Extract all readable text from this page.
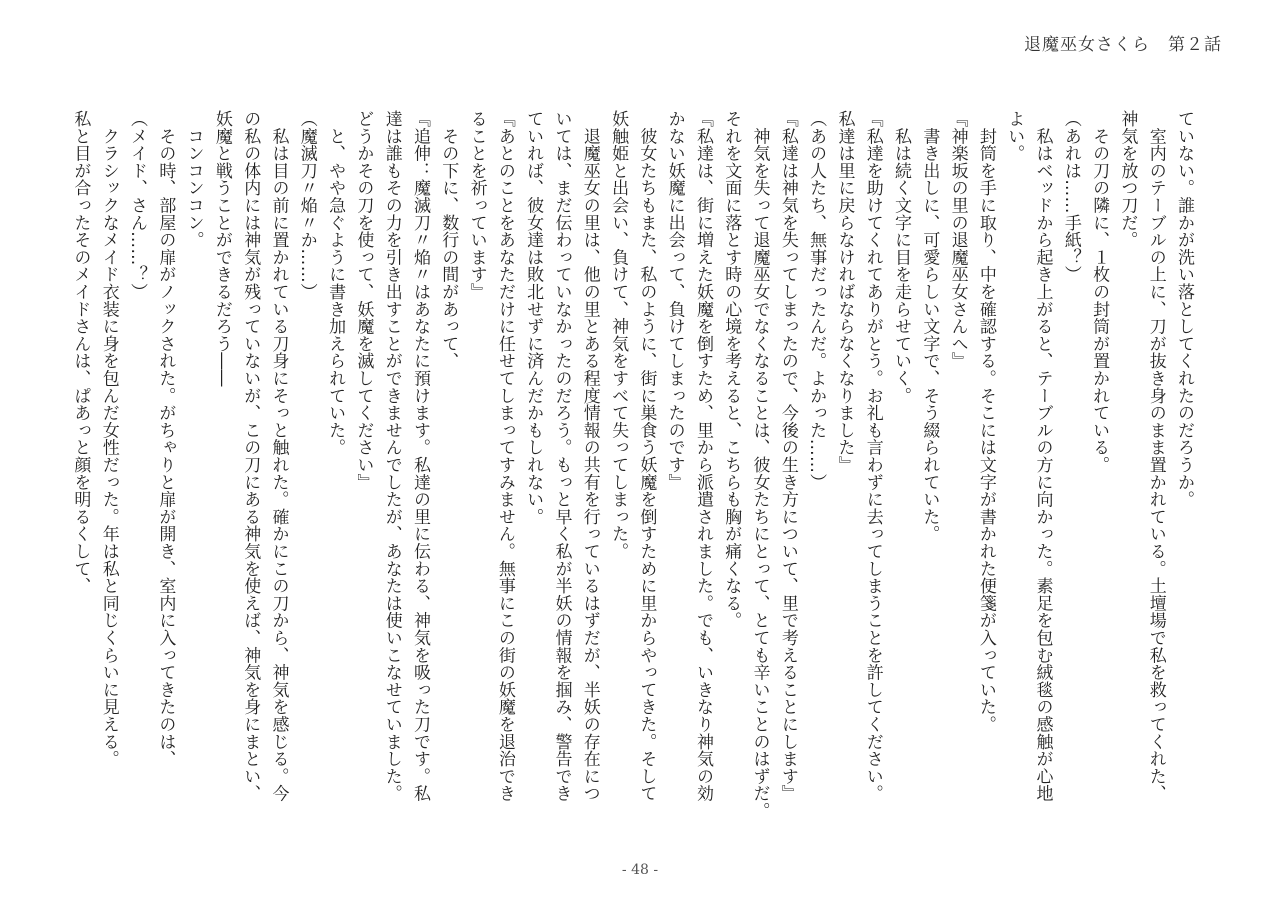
退魔巫女さくら　第２話
ていない。誰かが洗い落としてくれたのだろうか。
　室内のテーブルの上に、刀が抜き身のまま置かれている。土壇場で私を救ってくれた、
神気を放つ刀だ。
　その刀の隣に、１枚の封筒が置かれている。
（あれは……手紙？）
　私はベッドから起き上がると、テーブルの方に向かった。素足を包む絨毯の感触が心地
よい。
　封筒を手に取り、中を確認する。そこには文字が書かれた便箋が入っていた。
『神楽坂の里の退魔巫女さんへ』
　書き出しに、可愛らしい文字で、そう綴られていた。
　私は続く文字に目を走らせていく。
『私達を助けてくれてありがとう。お礼も言わずに去ってしまうことを許してください。
私達は里に戻らなければならなくなりました』
（あの人たち、無事だったんだ。よかった……）
『私達は神気を失ってしまったので、今後の生き方について、里で考えることにします』
　神気を失って退魔巫女でなくなることは、彼女たちにとって、とても辛いことのはずだ。
それを文面に落とす時の心境を考えると、こちらも胸が痛くなる。
『私達は、街に増えた妖魔を倒すため、里から派遣されました。でも、いきなり神気の効
かない妖魔に出会って、負けてしまったのです』
　彼女たちもまた、私のように、街に巣食う妖魔を倒すために里からやってきた。そして
妖触姫と出会い、負けて、神気をすべて失ってしまった。
　退魔巫女の里は、他の里とある程度情報の共有を行っているはずだが、半妖の存在につ
いては、まだ伝わっていなかったのだろう。もっと早く私が半妖の情報を掴み、警告でき
ていれば、彼女達は敗北せずに済んだかもしれない。
『あとのことをあなただけに任せてしまってすみません。無事にこの街の妖魔を退治でき
ることを祈っています』
　その下に、数行の間があって、
『追伸：魔滅刀〃焔〃はあなたに預けます。私達の里に伝わる、神気を吸った刀です。私
達は誰もその力を引き出すことができませんでしたが、あなたは使いこなせていました。
どうかその刀を使って、妖魔を滅してください』
　と、やや急ぐように書き加えられていた。
（魔滅刀〃焔〃か……）
　私は目の前に置かれている刀身にそっと触れた。確かにこの刀から、神気を感じる。今
の私の体内には神気が残っていないが、この刀にある神気を使えば、神気を身にまとい、
妖魔と戦うことができるだろう――
　コンコンコン。
　その時、部屋の扉がノックされた。がちゃりと扉が開き、室内に入ってきたのは、
（メイド、さん……？）
　クラシックなメイド衣装に身を包んだ女性だった。年は私と同じくらいに見える。
私と目が合ったそのメイドさんは、ぱあっと顔を明るくして、
- 48 -
